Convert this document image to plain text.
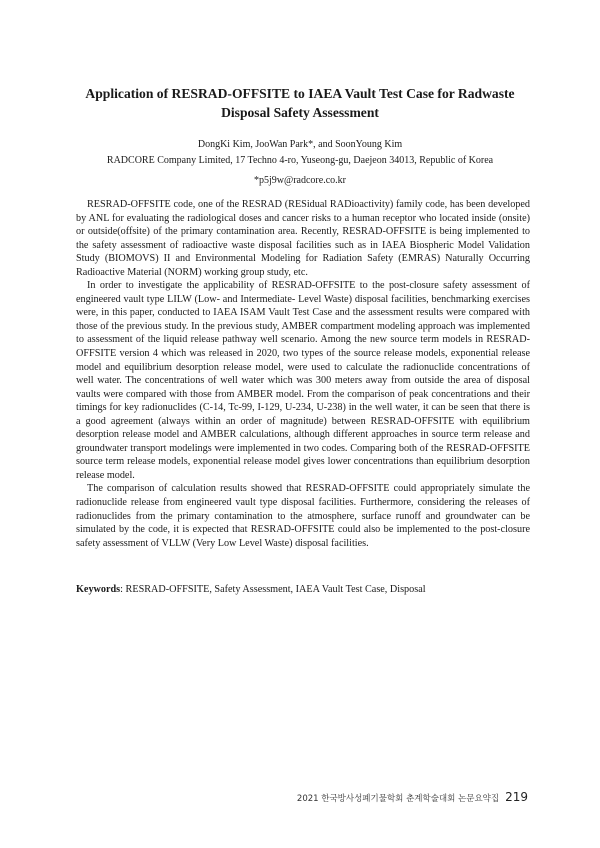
Application of RESRAD-OFFSITE to IAEA Vault Test Case for Radwaste Disposal Safety Assessment

DongKi Kim, JooWan Park*, and SoonYoung Kim

RADCORE Company Limited, 17 Techno 4-ro, Yuseong-gu, Daejeon 34013, Republic of Korea

*p5j9w@radcore.co.kr

RESRAD-OFFSITE code, one of the RESRAD (RESidual RADioactivity) family code, has been developed by ANL for evaluating the radiological doses and cancer risks to a human receptor who located inside (onsite) or outside(offsite) of the primary contamination area. Recently, RESRAD-OFFSITE is being implemented to the safety assessment of radioactive waste disposal facilities such as in IAEA Biospheric Model Validation Study (BIOMOVS) II and Environmental Modeling for Radiation Safety (EMRAS) Naturally Occurring Radioactive Material (NORM) working group study, etc.

In order to investigate the applicability of RESRAD-OFFSITE to the post-closure safety assessment of engineered vault type LILW (Low- and Intermediate- Level Waste) disposal facilities, benchmarking exercises were, in this paper, conducted to IAEA ISAM Vault Test Case and the assessment results were compared with those of the previous study. In the previous study, AMBER compartment modeling approach was implemented to assessment of the liquid release pathway well scenario. Among the new source term models in RESRAD-OFFSITE version 4 which was released in 2020, two types of the source release models, exponential release model and equilibrium desorption release model, were used to calculate the radionuclide concentrations of well water. The concentrations of well water which was 300 meters away from outside the area of disposal vaults were compared with those from AMBER model. From the comparison of peak concentrations and their timings for key radionuclides (C-14, Tc-99, I-129, U-234, U-238) in the well water, it can be seen that there is a good agreement (always within an order of magnitude) between RESRAD-OFFSITE with equilibrium desorption release model and AMBER calculations, although different approaches in source term release and groundwater transport modelings were implemented in two codes. Comparing both of the RESRAD-OFFSITE source term release models, exponential release model gives lower concentrations than equilibrium desorption release model.

The comparison of calculation results showed that RESRAD-OFFSITE could appropriately simulate the radionuclide release from engineered vault type disposal facilities. Furthermore, considering the releases of radionuclides from the primary contamination to the atmosphere, surface runoff and groundwater can be simulated by the code, it is expected that RESRAD-OFFSITE could also be implemented to the post-closure safety assessment of VLLW (Very Low Level Waste) disposal facilities.

Keywords: RESRAD-OFFSITE, Safety Assessment, IAEA Vault Test Case, Disposal

2021 한국방사성폐기물학회 춘계학술대회 논문요약집 219
